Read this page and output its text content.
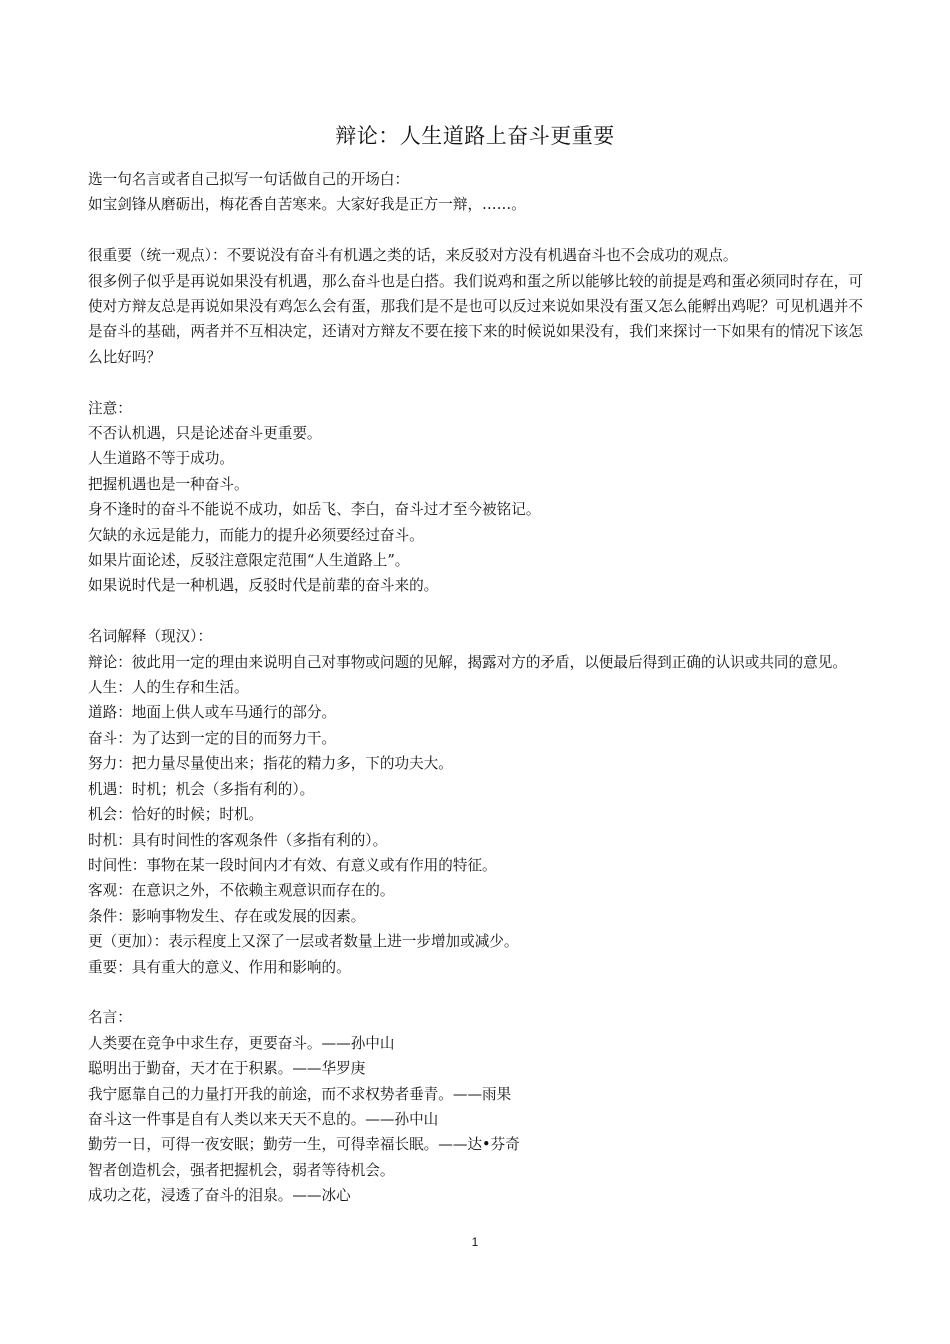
辩论：人生道路上奋斗更重要

选一句名言或者自己拟写一句话做自己的开场白：

如宝剑锋从磨砺出，梅花香自苦寒来。大家好我是正方一辩，……。

很重要（统一观点）：不要说没有奋斗有机遇之类的话，来反驳对方没有机遇奋斗也不会成功的观点。

很多例子似乎是再说如果没有机遇，那么奋斗也是白搭。我们说鸡和蛋之所以能够比较的前提是鸡和蛋必须同时存在，可使对方辩友总是再说如果没有鸡怎么会有蛋，那我们是不是也可以反过来说如果没有蛋又怎么能孵出鸡呢？可见机遇并不是奋斗的基础，两者并不互相决定，还请对方辩友不要在接下来的时候说如果没有，我们来探讨一下如果有的情况下该怎么比好吗？

注意：

不否认机遇，只是论述奋斗更重要。

人生道路不等于成功。

把握机遇也是一种奋斗。

身不逢时的奋斗不能说不成功，如岳飞、李白，奋斗过才至今被铭记。

欠缺的永远是能力，而能力的提升必须要经过奋斗。

如果片面论述，反驳注意限定范围“人生道路上”。

如果说时代是一种机遇，反驳时代是前辈的奋斗来的。

名词解释（现汉）：

辩论：彼此用一定的理由来说明自己对事物或问题的见解，揭露对方的矛盾，以便最后得到正确的认识或共同的意见。

人生：人的生存和生活。

道路：地面上供人或车马通行的部分。

奋斗：为了达到一定的目的而努力干。

努力：把力量尽量使出来；指花的精力多，下的功夫大。

机遇：时机；机会（多指有利的）。

机会：恰好的时候；时机。

时机：具有时间性的客观条件（多指有利的）。

时间性：事物在某一段时间内才有效、有意义或有作用的特征。

客观：在意识之外，不依赖主观意识而存在的。

条件：影响事物发生、存在或发展的因素。

更（更加）：表示程度上又深了一层或者数量上进一步增加或减少。

重要：具有重大的意义、作用和影响的。

名言：

人类要在竞争中求生存，更要奋斗。——孙中山

聪明出于勤奋，天才在于积累。——华罗庚

我宁愿靠自己的力量打开我的前途，而不求权势者垂青。——雨果

奋斗这一件事是自有人类以来天天不息的。——孙中山

勤劳一日，可得一夜安眠；勤劳一生，可得幸福长眠。——达•芬奇

智者创造机会，强者把握机会，弱者等待机会。

成功之花，浸透了奋斗的泪泉。——冰心

1
